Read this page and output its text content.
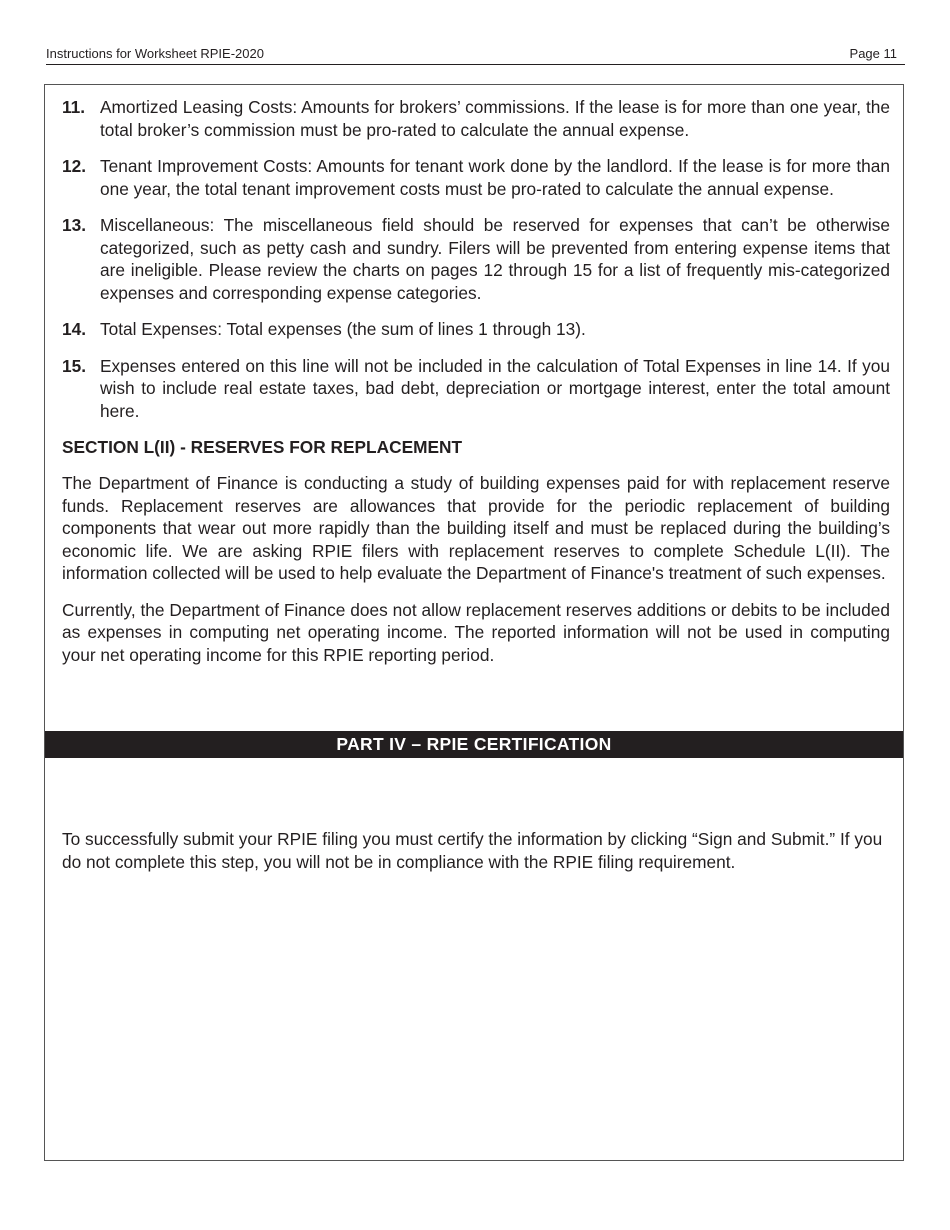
Instructions for Worksheet RPIE-2020	Page 11
11. Amortized Leasing Costs: Amounts for brokers’ commissions. If the lease is for more than one year, the total broker’s commission must be pro-rated to calculate the annual expense.
12. Tenant Improvement Costs: Amounts for tenant work done by the landlord. If the lease is for more than one year, the total tenant improvement costs must be pro-rated to calculate the annual expense.
13. Miscellaneous: The miscellaneous field should be reserved for expenses that can’t be otherwise categorized, such as petty cash and sundry. Filers will be prevented from entering expense items that are ineligible. Please review the charts on pages 12 through 15 for a list of frequently mis-categorized expenses and corresponding expense categories.
14. Total Expenses: Total expenses (the sum of lines 1 through 13).
15. Expenses entered on this line will not be included in the calculation of Total Expenses in line 14. If you wish to include real estate taxes, bad debt, depreciation or mortgage interest, enter the total amount here.
SECTION L(II) - RESERVES FOR REPLACEMENT

The Department of Finance is conducting a study of building expenses paid for with replacement reserve funds. Replacement reserves are allowances that provide for the periodic replacement of building components that wear out more rapidly than the building itself and must be replaced during the building’s economic life. We are asking RPIE filers with replacement reserves to complete Schedule L(II). The information collected will be used to help evaluate the Department of Finance's treatment of such expenses.

Currently, the Department of Finance does not allow replacement reserves additions or debits to be included as expenses in computing net operating income. The reported information will not be used in computing your net operating income for this RPIE reporting period.

PART IV – RPIE CERTIFICATION
To successfully submit your RPIE filing you must certify the information by clicking “Sign and Submit.” If you do not complete this step, you will not be in compliance with the RPIE filing requirement.
